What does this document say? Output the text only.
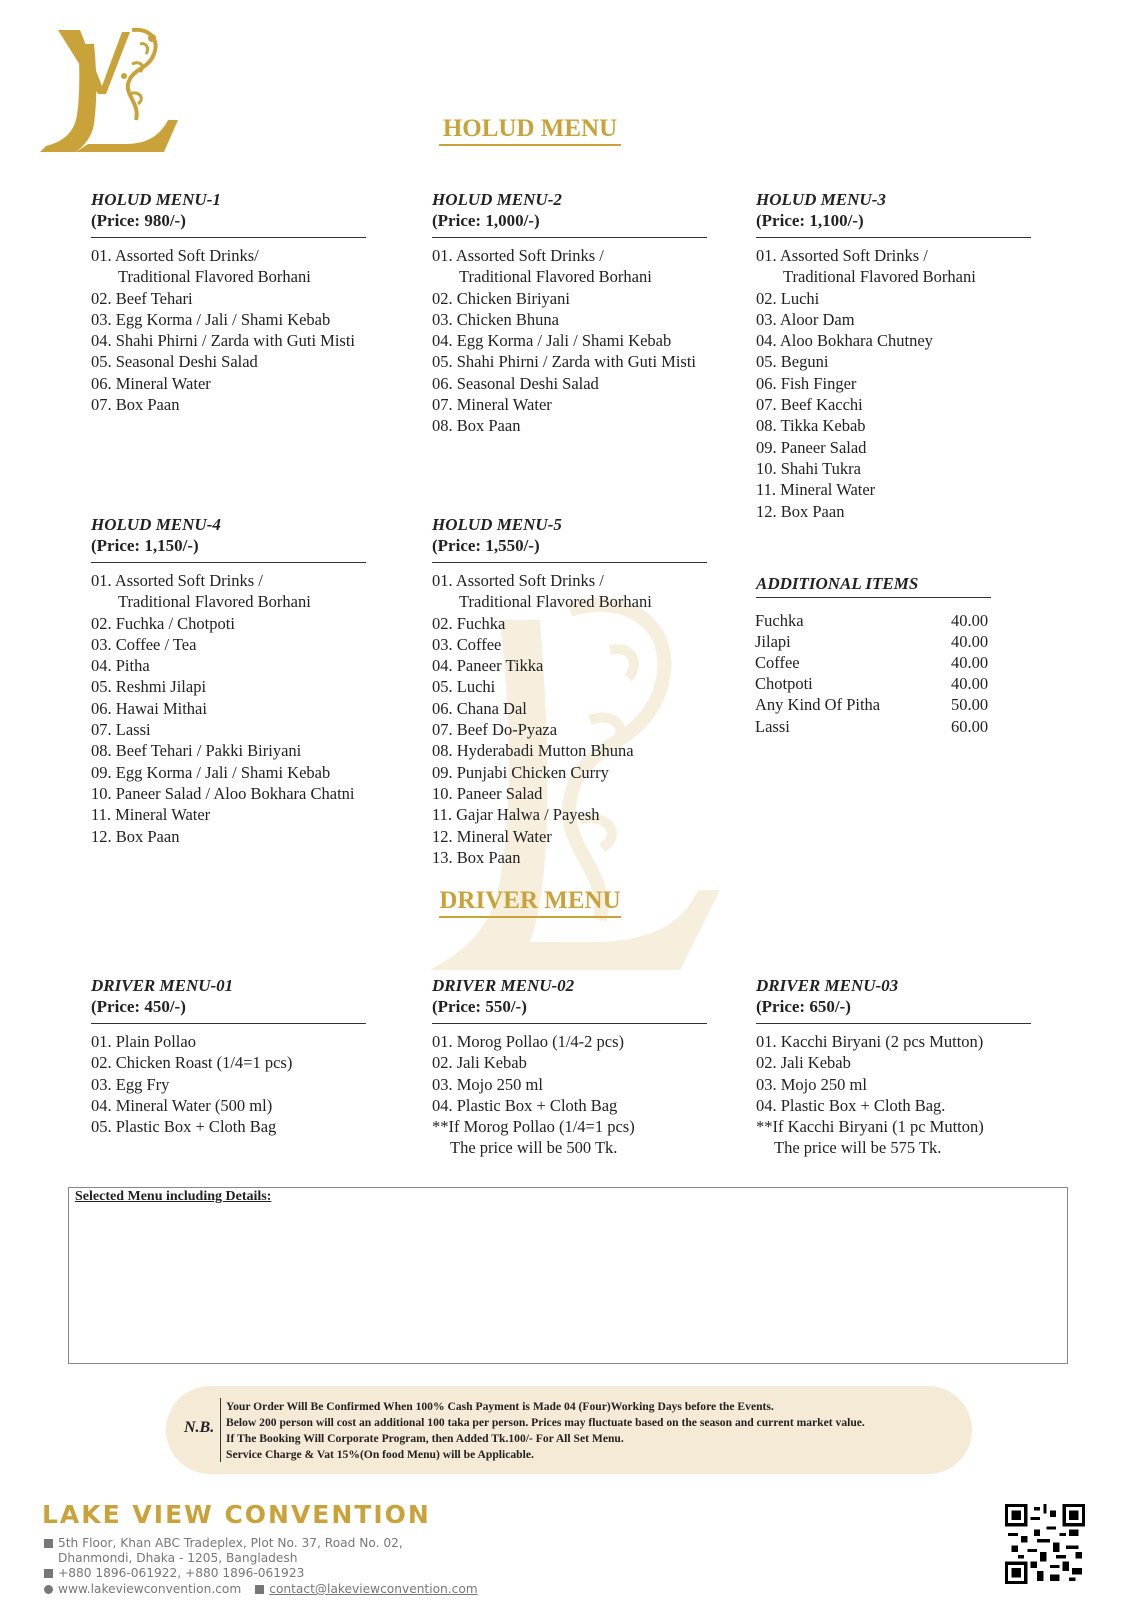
HOLUD MENU
DRIVER MENU
HOLUD MENU-1
(Price: 980/-)
01. Assorted Soft Drinks/
Traditional Flavored Borhani
02. Beef Tehari
03. Egg Korma / Jali / Shami Kebab
04. Shahi Phirni / Zarda with Guti Misti
05. Seasonal Deshi Salad
06. Mineral Water
07. Box Paan
HOLUD MENU-2
(Price: 1,000/-)
01. Assorted Soft Drinks /
Traditional Flavored Borhani
02. Chicken Biriyani
03. Chicken Bhuna
04. Egg Korma / Jali / Shami Kebab
05. Shahi Phirni / Zarda with Guti Misti
06. Seasonal Deshi Salad
07. Mineral Water
08. Box Paan
HOLUD MENU-3
(Price: 1,100/-)
01. Assorted Soft Drinks /
Traditional Flavored Borhani
02. Luchi
03. Aloor Dam
04. Aloo Bokhara Chutney
05. Beguni
06. Fish Finger
07. Beef Kacchi
08. Tikka Kebab
09. Paneer Salad
10. Shahi Tukra
11. Mineral Water
12. Box Paan
HOLUD MENU-4
(Price: 1,150/-)
01. Assorted Soft Drinks /
Traditional Flavored Borhani
02. Fuchka / Chotpoti
03. Coffee / Tea
04. Pitha
05. Reshmi Jilapi
06. Hawai Mithai
07. Lassi
08. Beef Tehari / Pakki Biriyani
09. Egg Korma / Jali / Shami Kebab
10. Paneer Salad / Aloo Bokhara Chatni
11. Mineral Water
12. Box Paan
HOLUD MENU-5
(Price: 1,550/-)
01. Assorted Soft Drinks /
Traditional Flavored Borhani
02. Fuchka
03. Coffee
04. Paneer Tikka
05. Luchi
06. Chana Dal
07. Beef Do-Pyaza
08. Hyderabadi Mutton Bhuna
09. Punjabi Chicken Curry
10. Paneer Salad
11. Gajar Halwa / Payesh
12. Mineral Water
13. Box Paan
ADDITIONAL ITEMS
Fuchka	40.00
Jilapi	40.00
Coffee	40.00
Chotpoti	40.00
Any Kind Of Pitha	50.00
Lassi	60.00
DRIVER MENU-01
(Price: 450/-)
01. Plain Pollao
02. Chicken Roast (1/4=1 pcs)
03. Egg Fry
04. Mineral Water (500 ml)
05. Plastic Box + Cloth Bag
DRIVER MENU-02
(Price: 550/-)
01. Morog Pollao (1/4-2 pcs)
02. Jali Kebab
03. Mojo 250 ml
04. Plastic Box + Cloth Bag
**If Morog Pollao (1/4=1 pcs)
The price will be 500 Tk.
DRIVER MENU-03
(Price: 650/-)
01. Kacchi Biryani (2 pcs Mutton)
02. Jali Kebab
03. Mojo 250 ml
04. Plastic Box + Cloth Bag.
**If Kacchi Biryani (1 pc Mutton)
The price will be 575 Tk.
Selected Menu including Details:
N.B.
Your Order Will Be Confirmed When 100% Cash Payment is Made 04 (Four)Working Days before the Events.
Below 200 person will cost an additional 100 taka per person. Prices may fluctuate based on the season and current market value.
If The Booking Will Corporate Program, then Added Tk.100/- For All Set Menu.
Service Charge & Vat 15%(On food Menu) will be Applicable.
LAKE VIEW CONVENTION
5th Floor, Khan ABC Tradeplex, Plot No. 37, Road No. 02,
Dhanmondi, Dhaka - 1205, Bangladesh
+880 1896-061922, +880 1896-061923
www.lakeviewconvention.com contact@lakeviewconvention.com
